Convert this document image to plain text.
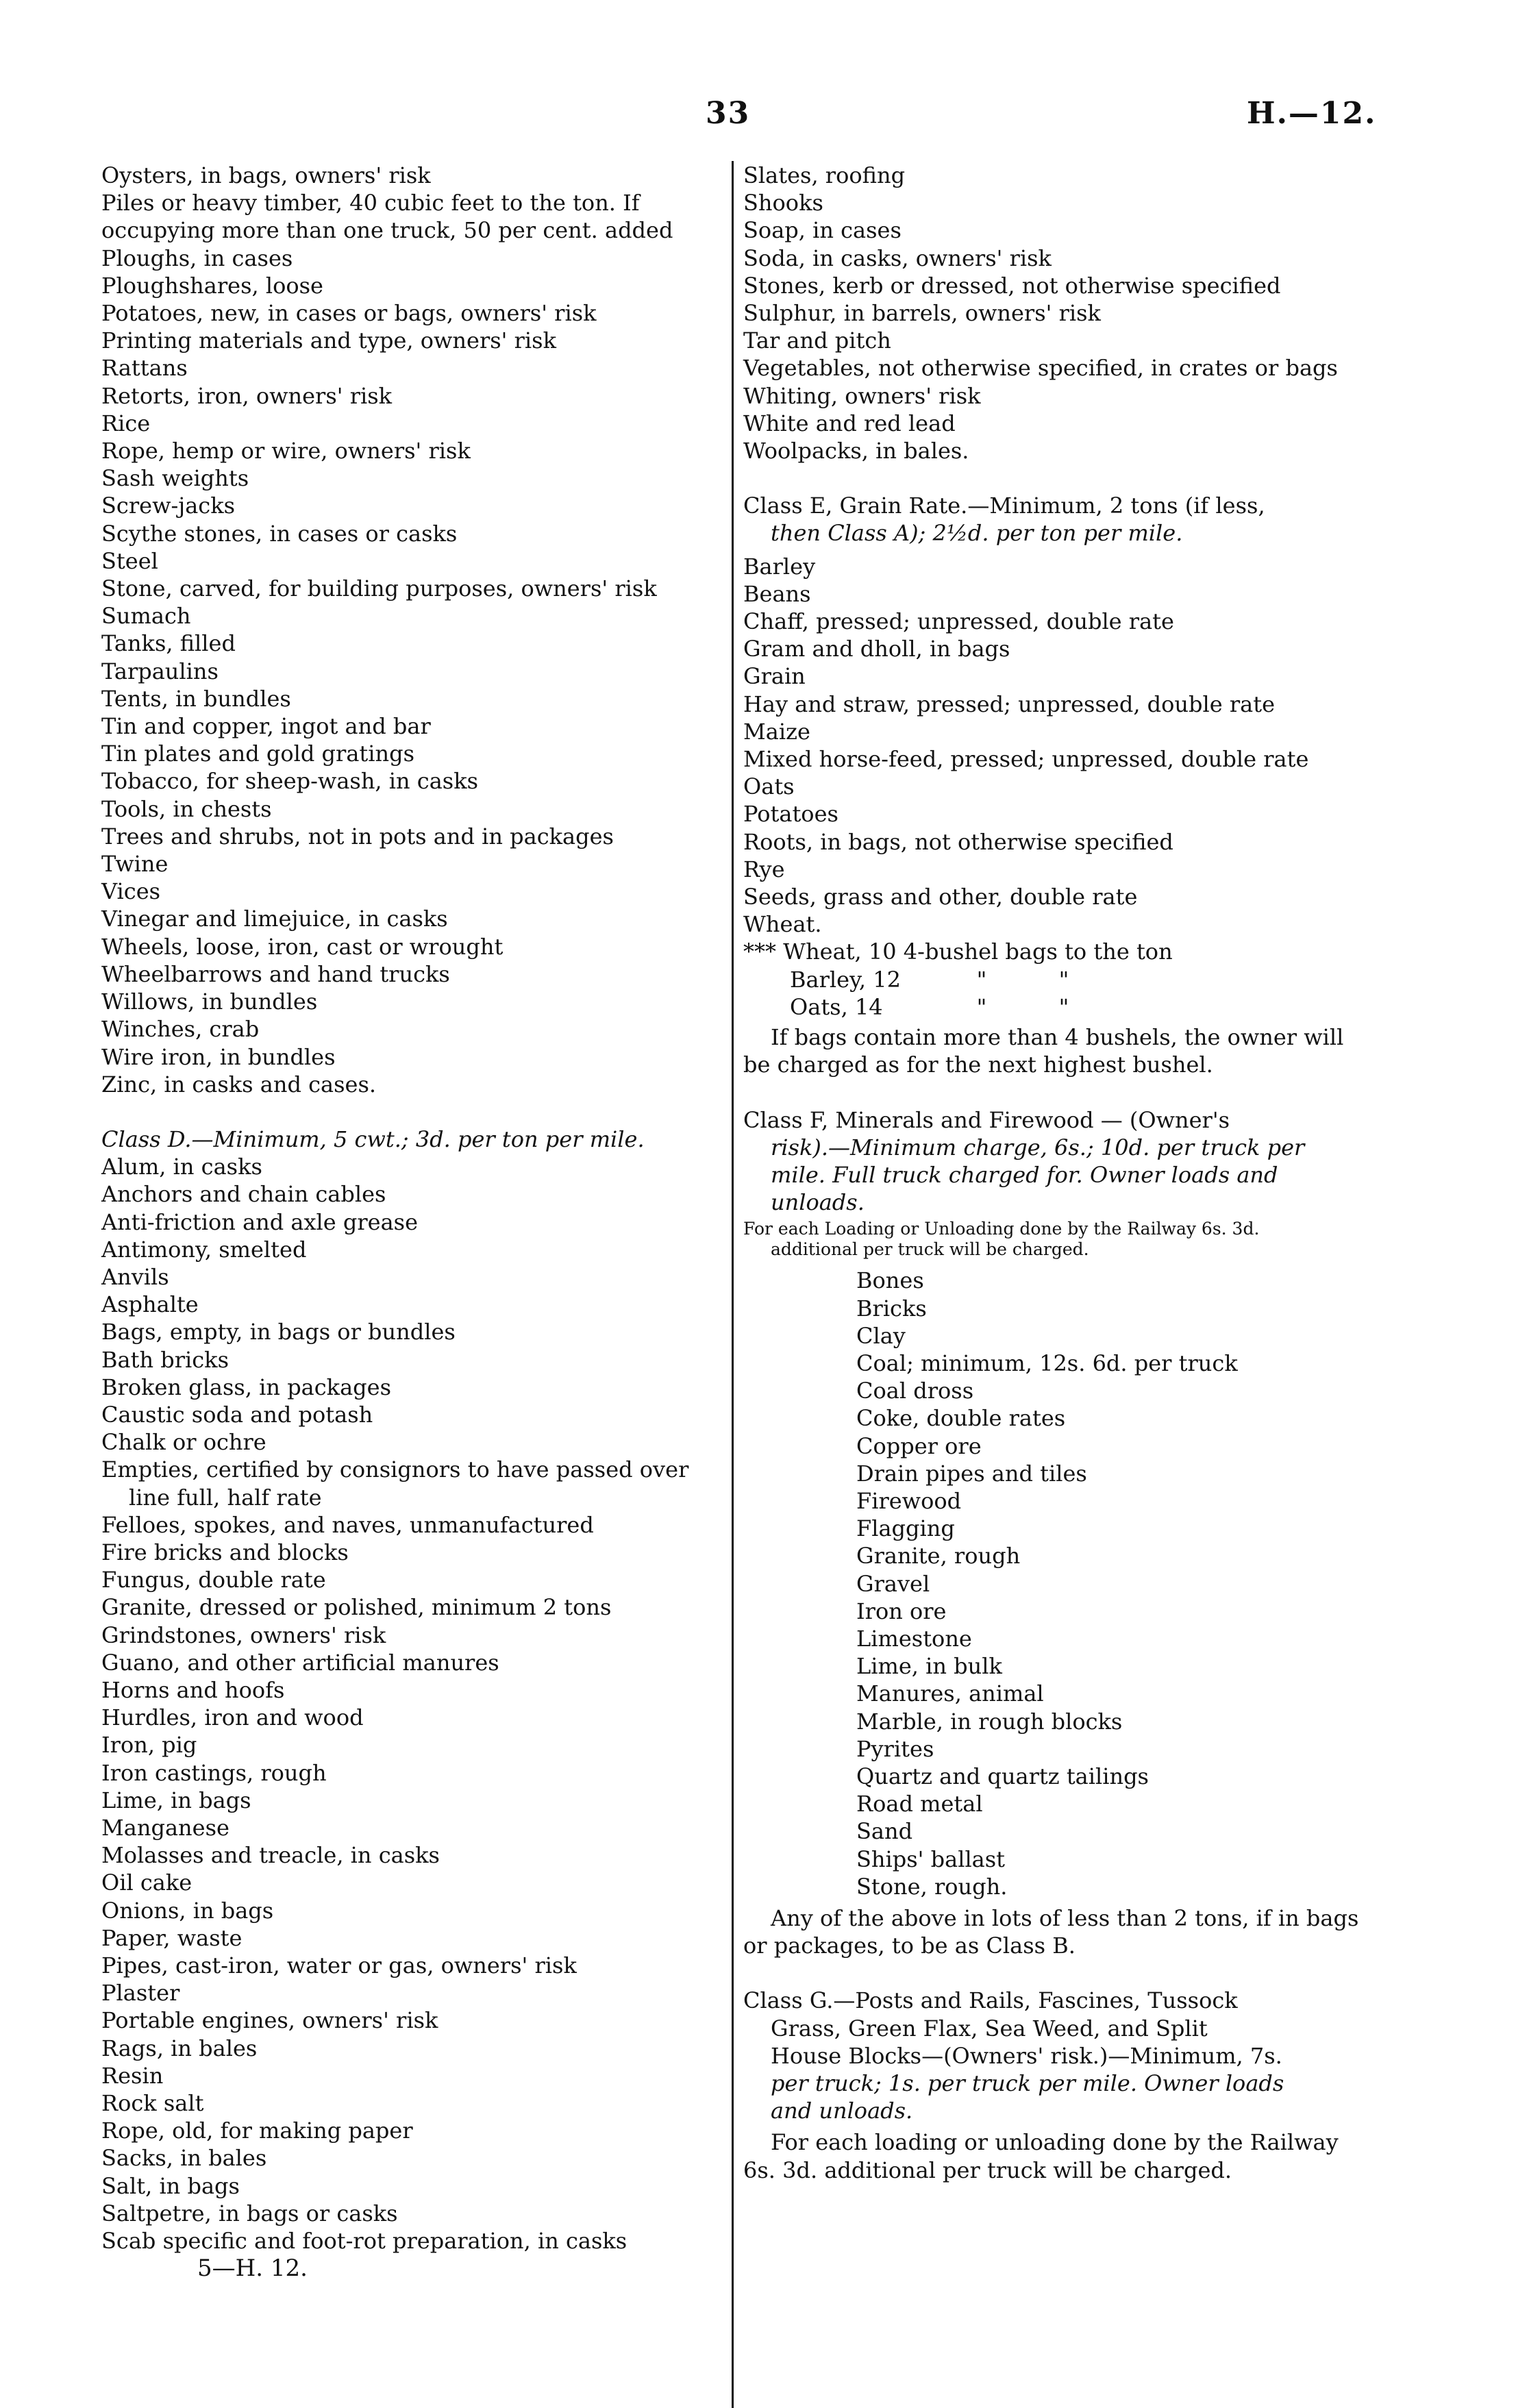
33	H.—12.
Oysters, in bags, owners' risk
Piles or heavy timber, 40 cubic feet to the ton. If
occupying more than one truck, 50 per cent. added
Ploughs, in cases
Ploughshares, loose
Potatoes, new, in cases or bags, owners' risk
Printing materials and type, owners' risk
Rattans
Retorts, iron, owners' risk
Rice
Rope, hemp or wire, owners' risk
Sash weights
Screw-jacks
Scythe stones, in cases or casks
Steel
Stone, carved, for building purposes, owners' risk
Sumach
Tanks, filled
Tarpaulins
Tents, in bundles
Tin and copper, ingot and bar
Tin plates and gold gratings
Tobacco, for sheep-wash, in casks
Tools, in chests
Trees and shrubs, not in pots and in packages
Twine
Vices
Vinegar and limejuice, in casks
Wheels, loose, iron, cast or wrought
Wheelbarrows and hand trucks
Willows, in bundles
Winches, crab
Wire iron, in bundles
Zinc, in casks and cases.
Class D.—Minimum, 5 cwt.; 3d. per ton per mile.
Alum, in casks
Anchors and chain cables
Anti-friction and axle grease
Antimony, smelted
Anvils
Asphalte
Bags, empty, in bags or bundles
Bath bricks
Broken glass, in packages
Caustic soda and potash
Chalk or ochre
Empties, certified by consignors to have passed over
line full, half rate
Felloes, spokes, and naves, unmanufactured
Fire bricks and blocks
Fungus, double rate
Granite, dressed or polished, minimum 2 tons
Grindstones, owners' risk
Guano, and other artificial manures
Horns and hoofs
Hurdles, iron and wood
Iron, pig
Iron castings, rough
Lime, in bags
Manganese
Molasses and treacle, in casks
Oil cake
Onions, in bags
Paper, waste
Pipes, cast-iron, water or gas, owners' risk
Plaster
Portable engines, owners' risk
Rags, in bales
Resin
Rock salt
Rope, old, for making paper
Sacks, in bales
Salt, in bags
Saltpetre, in bags or casks
Scab specific and foot-rot preparation, in casks
5—H. 12.
Slates, roofing
Shooks
Soap, in cases
Soda, in casks, owners' risk
Stones, kerb or dressed, not otherwise specified
Sulphur, in barrels, owners' risk
Tar and pitch
Vegetables, not otherwise specified, in crates or bags
Whiting, owners' risk
White and red lead
Woolpacks, in bales.
Class E, Grain Rate.—Minimum, 2 tons (if less,
then Class A); 2½d. per ton per mile.
Barley
Beans
Chaff, pressed; unpressed, double rate
Gram and dholl, in bags
Grain
Hay and straw, pressed; unpressed, double rate
Maize
Mixed horse-feed, pressed; unpressed, double rate
Oats
Potatoes
Roots, in bags, not otherwise specified
Rye
Seeds, grass and other, double rate
Wheat.
*** Wheat, 10 4-bushel bags to the ton
Barley, 12	"	"
Oats, 14	"	"
If bags contain more than 4 bushels, the owner will be charged as for the next highest bushel.
Class F, Minerals and Firewood — (Owner's
risk).—Minimum charge, 6s.; 10d. per truck per
mile. Full truck charged for. Owner loads and
unloads.
For each Loading or Unloading done by the Railway 6s. 3d.
additional per truck will be charged.
Bones
Bricks
Clay
Coal; minimum, 12s. 6d. per truck
Coal dross
Coke, double rates
Copper ore
Drain pipes and tiles
Firewood
Flagging
Granite, rough
Gravel
Iron ore
Limestone
Lime, in bulk
Manures, animal
Marble, in rough blocks
Pyrites
Quartz and quartz tailings
Road metal
Sand
Ships' ballast
Stone, rough.
Any of the above in lots of less than 2 tons, if in bags or packages, to be as Class B.
Class G.—Posts and Rails, Fascines, Tussock
Grass, Green Flax, Sea Weed, and Split
House Blocks—(Owners' risk.)—Minimum, 7s.
per truck; 1s. per truck per mile. Owner loads
and unloads.
For each loading or unloading done by the Railway 6s. 3d. additional per truck will be charged.
